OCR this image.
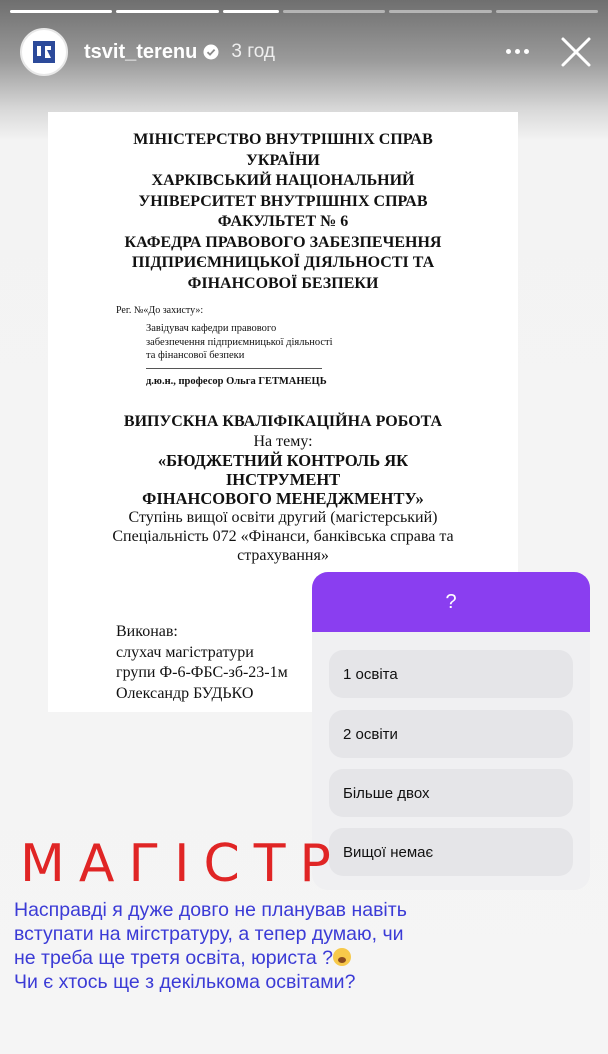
tsvit_terenu 3 год
МІНІСТЕРСТВО ВНУТРІШНІХ СПРАВ
УКРАЇНИ
ХАРКІВСЬКИЙ НАЦІОНАЛЬНИЙ
УНІВЕРСИТЕТ ВНУТРІШНІХ СПРАВ
ФАКУЛЬТЕТ № 6
КАФЕДРА ПРАВОВОГО ЗАБЕЗПЕЧЕННЯ
ПІДПРИЄМНИЦЬКОЇ ДІЯЛЬНОСТІ ТА
ФІНАНСОВОЇ БЕЗПЕКИ
Рег. №«До захисту»:
Завідувач кафедри правового
забезпечення підприємницької діяльності
та фінансової безпеки
д.ю.н., професор Ольга ГЕТМАНЕЦЬ
ВИПУСКНА КВАЛІФІКАЦІЙНА РОБОТА
На тему:
«БЮДЖЕТНИЙ КОНТРОЛЬ ЯК
ІНСТРУМЕНТ
ФІНАНСОВОГО МЕНЕДЖМЕНТУ»
Ступінь вищої освіти другий (магістерський)
Спеціальність 072 «Фінанси, банківська справа та
страхування»
Виконав:
слухач магістратури
групи Ф-6-ФБС-зб-23-1м
Олександр БУДЬКО
?
1 освіта
2 освіти
Більше двох
Вищої немає
МАГІСТР

Насправді я дуже довго не планував навіть

вступати на мігстратуру, а тепер думаю, чи

не треба ще третя освіта, юриста ?

Чи є хтось ще з декількома освітами?
